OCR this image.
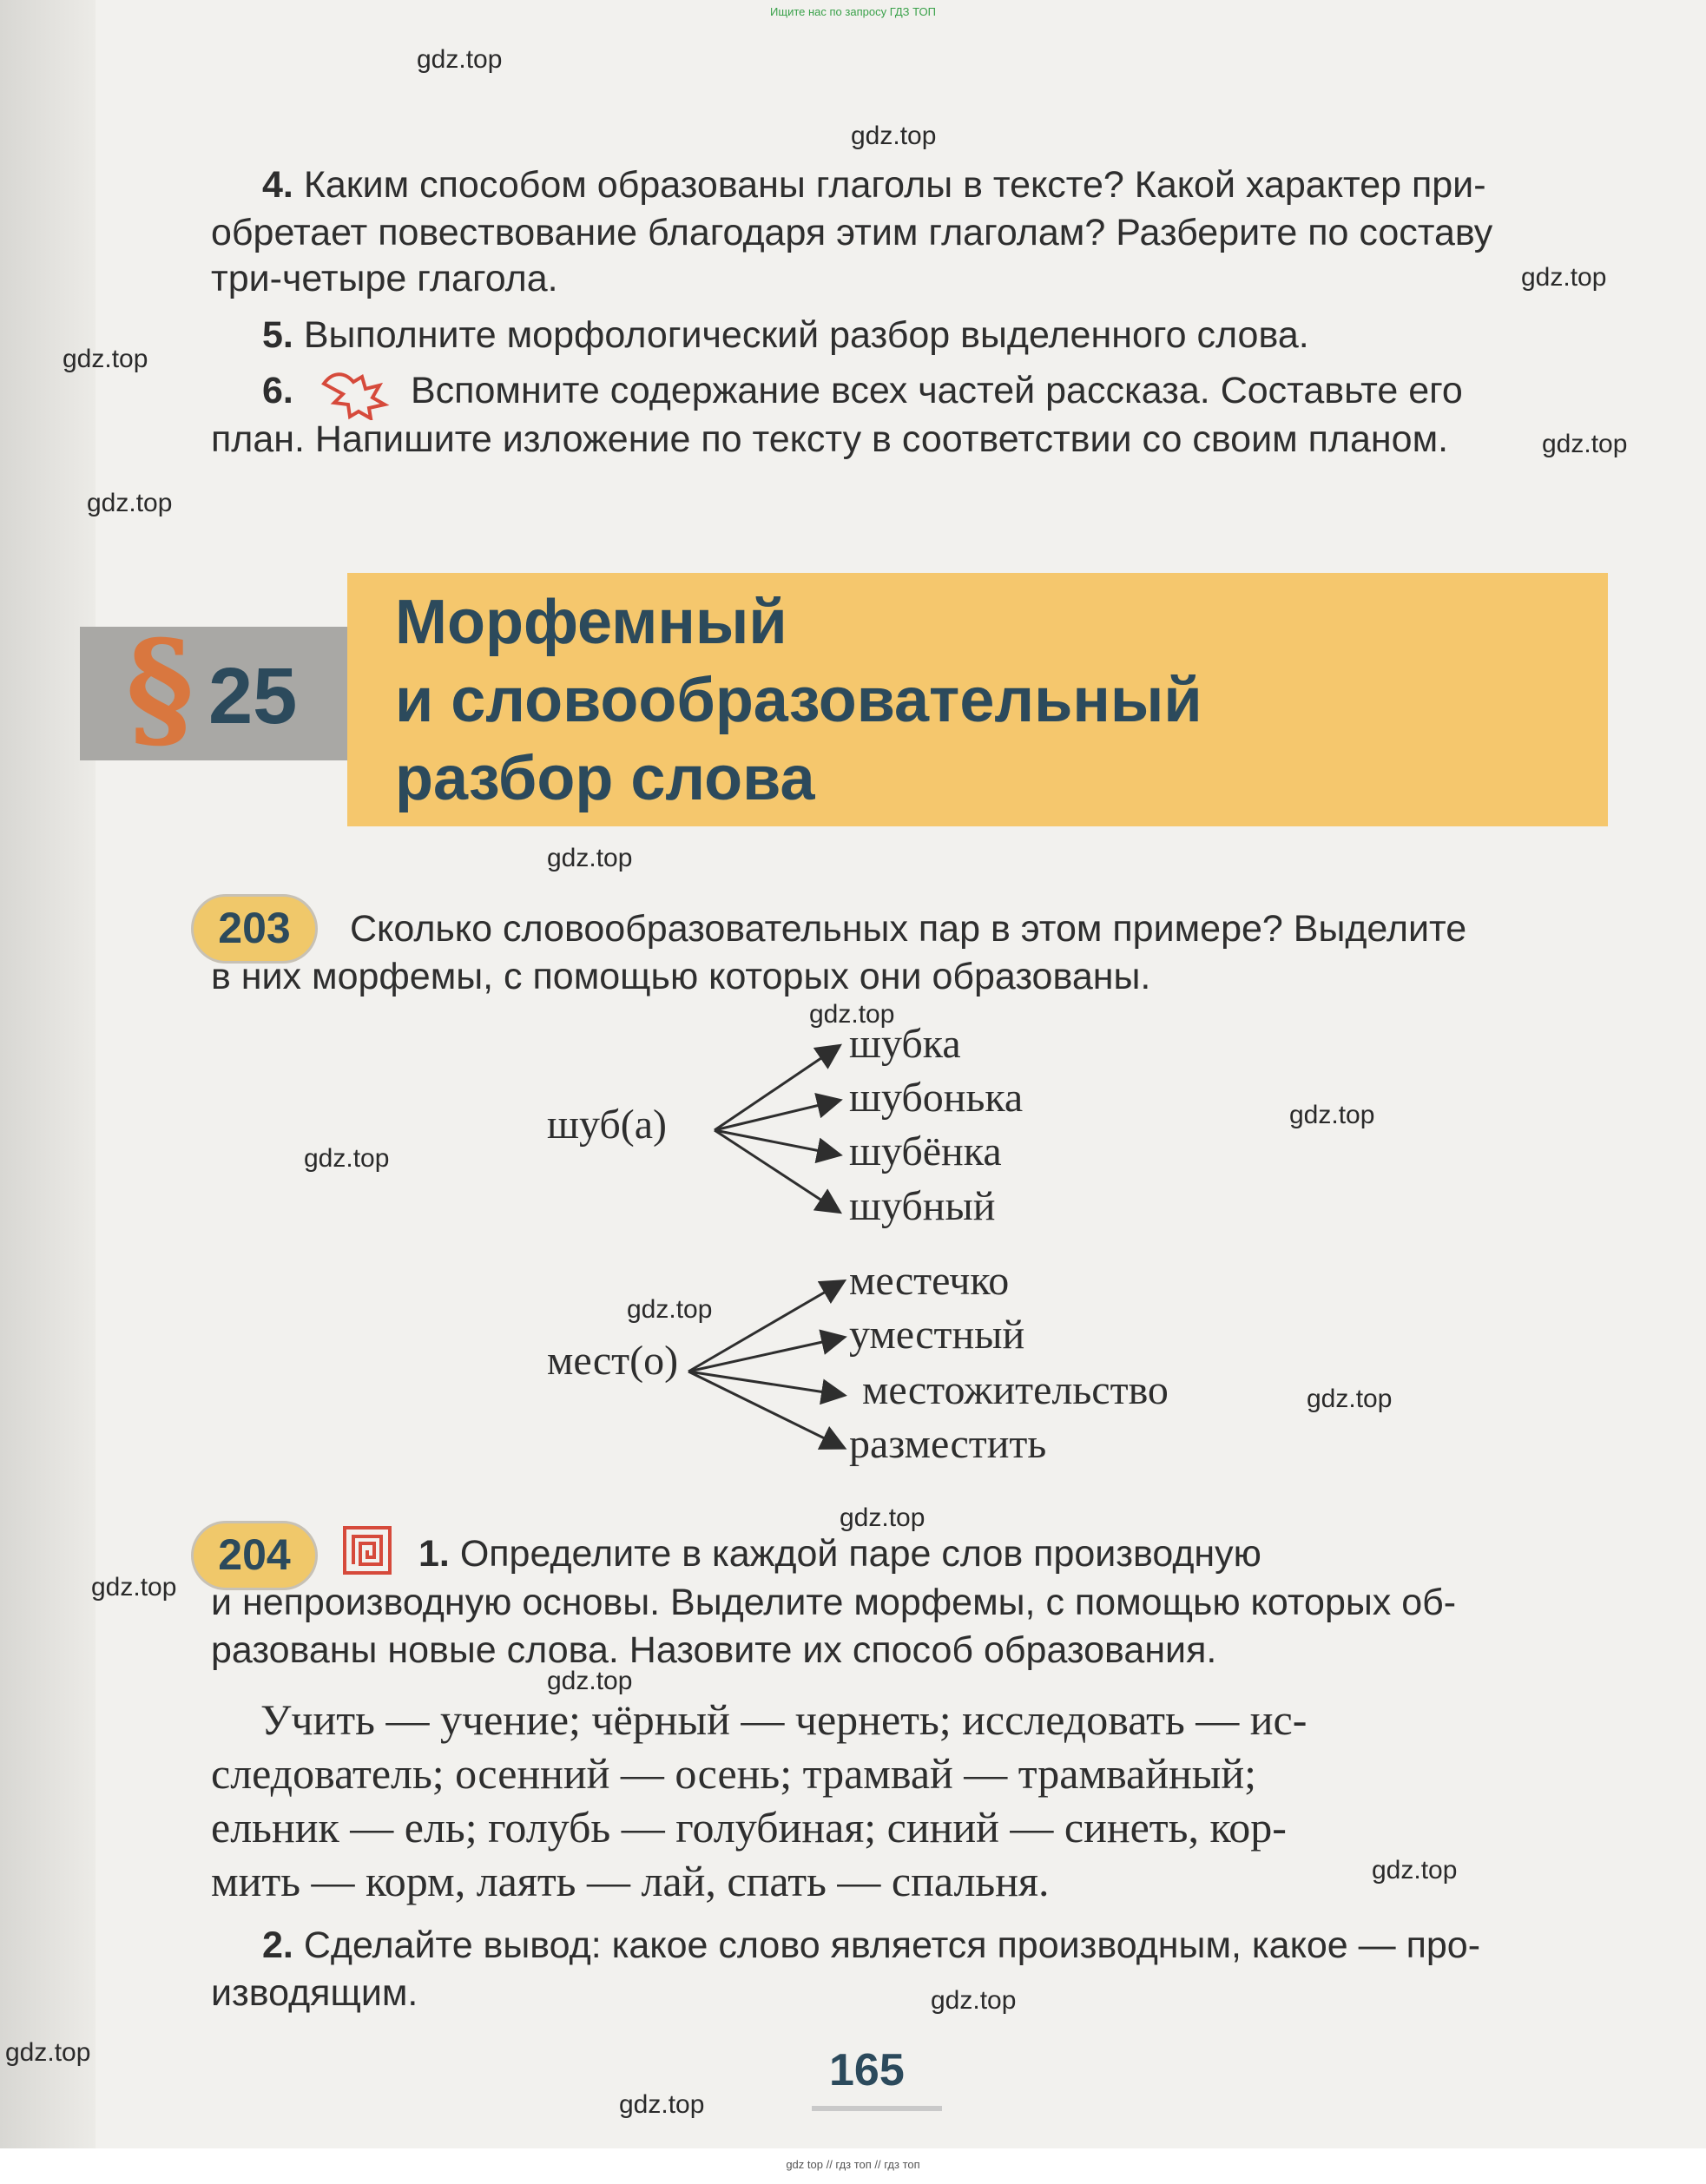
Ищите нас по запросу ГДЗ ТОП
gdz.top
gdz.top
gdz.top
gdz.top
gdz.top
gdz.top
gdz.top
gdz.top
gdz.top
gdz.top
gdz.top
gdz.top
gdz.top
gdz.top
gdz.top
gdz.top
gdz.top
gdz.top
gdz.top
4. Каким способом образованы глаголы в тексте? Какой характер при-
обретает повествование благодаря этим глаголам? Разберите по составу
три-четыре глагола.
5. Выполните морфологический разбор выделенного слова.
6.	Вспомните содержание всех частей рассказа. Составьте его
план. Напишите изложение по тексту в соответствии со своим планом.
§ 25
Морфемный
и словообразовательный
разбор слова
203	Сколько словообразовательных пар в этом примере? Выделите
в них морфемы, с помощью которых они образованы.
шуб(а)
шубка
шубонька
шубёнка
шубный
мест(о)
местечко
уместный
местожительство
разместить
204	1. Определите в каждой паре слов производную
и непроизводную основы. Выделите морфемы, с помощью которых об-
разованы новые слова. Назовите их способ образования.
Учить — учение; чёрный — чернеть; исследовать — ис-
следователь; осенний — осень; трамвай — трамвайный;
ельник — ель; голубь — голубиная; синий — синеть, кор-
мить — корм, лаять — лай, спать — спальня.
2. Сделайте вывод: какое слово является производным, какое — про-
изводящим.
165
gdz top // гдз топ // гдз топ
